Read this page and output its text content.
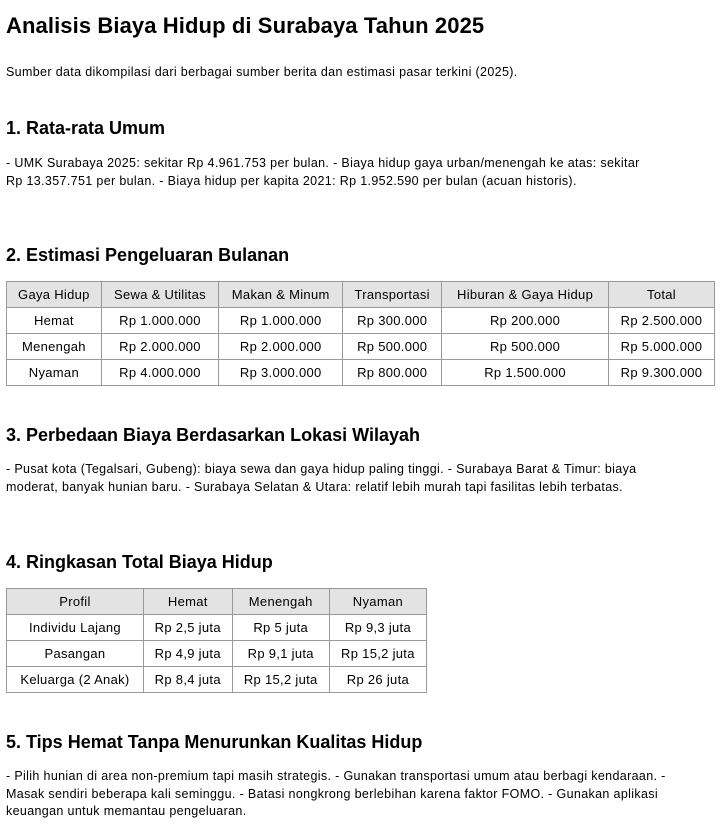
Analisis Biaya Hidup di Surabaya Tahun 2025

Sumber data dikompilasi dari berbagai sumber berita dan estimasi pasar terkini (2025).

1. Rata-rata Umum

- UMK Surabaya 2025: sekitar Rp 4.961.753 per bulan. - Biaya hidup gaya urban/menengah ke atas: sekitar Rp 13.357.751 per bulan. - Biaya hidup per kapita 2021: Rp 1.952.590 per bulan (acuan historis).

2. Estimasi Pengeluaran Bulanan
Gaya Hidup	Sewa & Utilitas	Makan & Minum	Transportasi	Hiburan & Gaya Hidup	Total
Hemat	Rp 1.000.000	Rp 1.000.000	Rp 300.000	Rp 200.000	Rp 2.500.000
Menengah	Rp 2.000.000	Rp 2.000.000	Rp 500.000	Rp 500.000	Rp 5.000.000
Nyaman	Rp 4.000.000	Rp 3.000.000	Rp 800.000	Rp 1.500.000	Rp 9.300.000
3. Perbedaan Biaya Berdasarkan Lokasi Wilayah

- Pusat kota (Tegalsari, Gubeng): biaya sewa dan gaya hidup paling tinggi. - Surabaya Barat & Timur: biaya moderat, banyak hunian baru. - Surabaya Selatan & Utara: relatif lebih murah tapi fasilitas lebih terbatas.

4. Ringkasan Total Biaya Hidup
Profil	Hemat	Menengah	Nyaman
Individu Lajang	Rp 2,5 juta	Rp 5 juta	Rp 9,3 juta
Pasangan	Rp 4,9 juta	Rp 9,1 juta	Rp 15,2 juta
Keluarga (2 Anak)	Rp 8,4 juta	Rp 15,2 juta	Rp 26 juta
5. Tips Hemat Tanpa Menurunkan Kualitas Hidup

- Pilih hunian di area non-premium tapi masih strategis. - Gunakan transportasi umum atau berbagi kendaraan. - Masak sendiri beberapa kali seminggu. - Batasi nongkrong berlebihan karena faktor FOMO. - Gunakan aplikasi keuangan untuk memantau pengeluaran.
